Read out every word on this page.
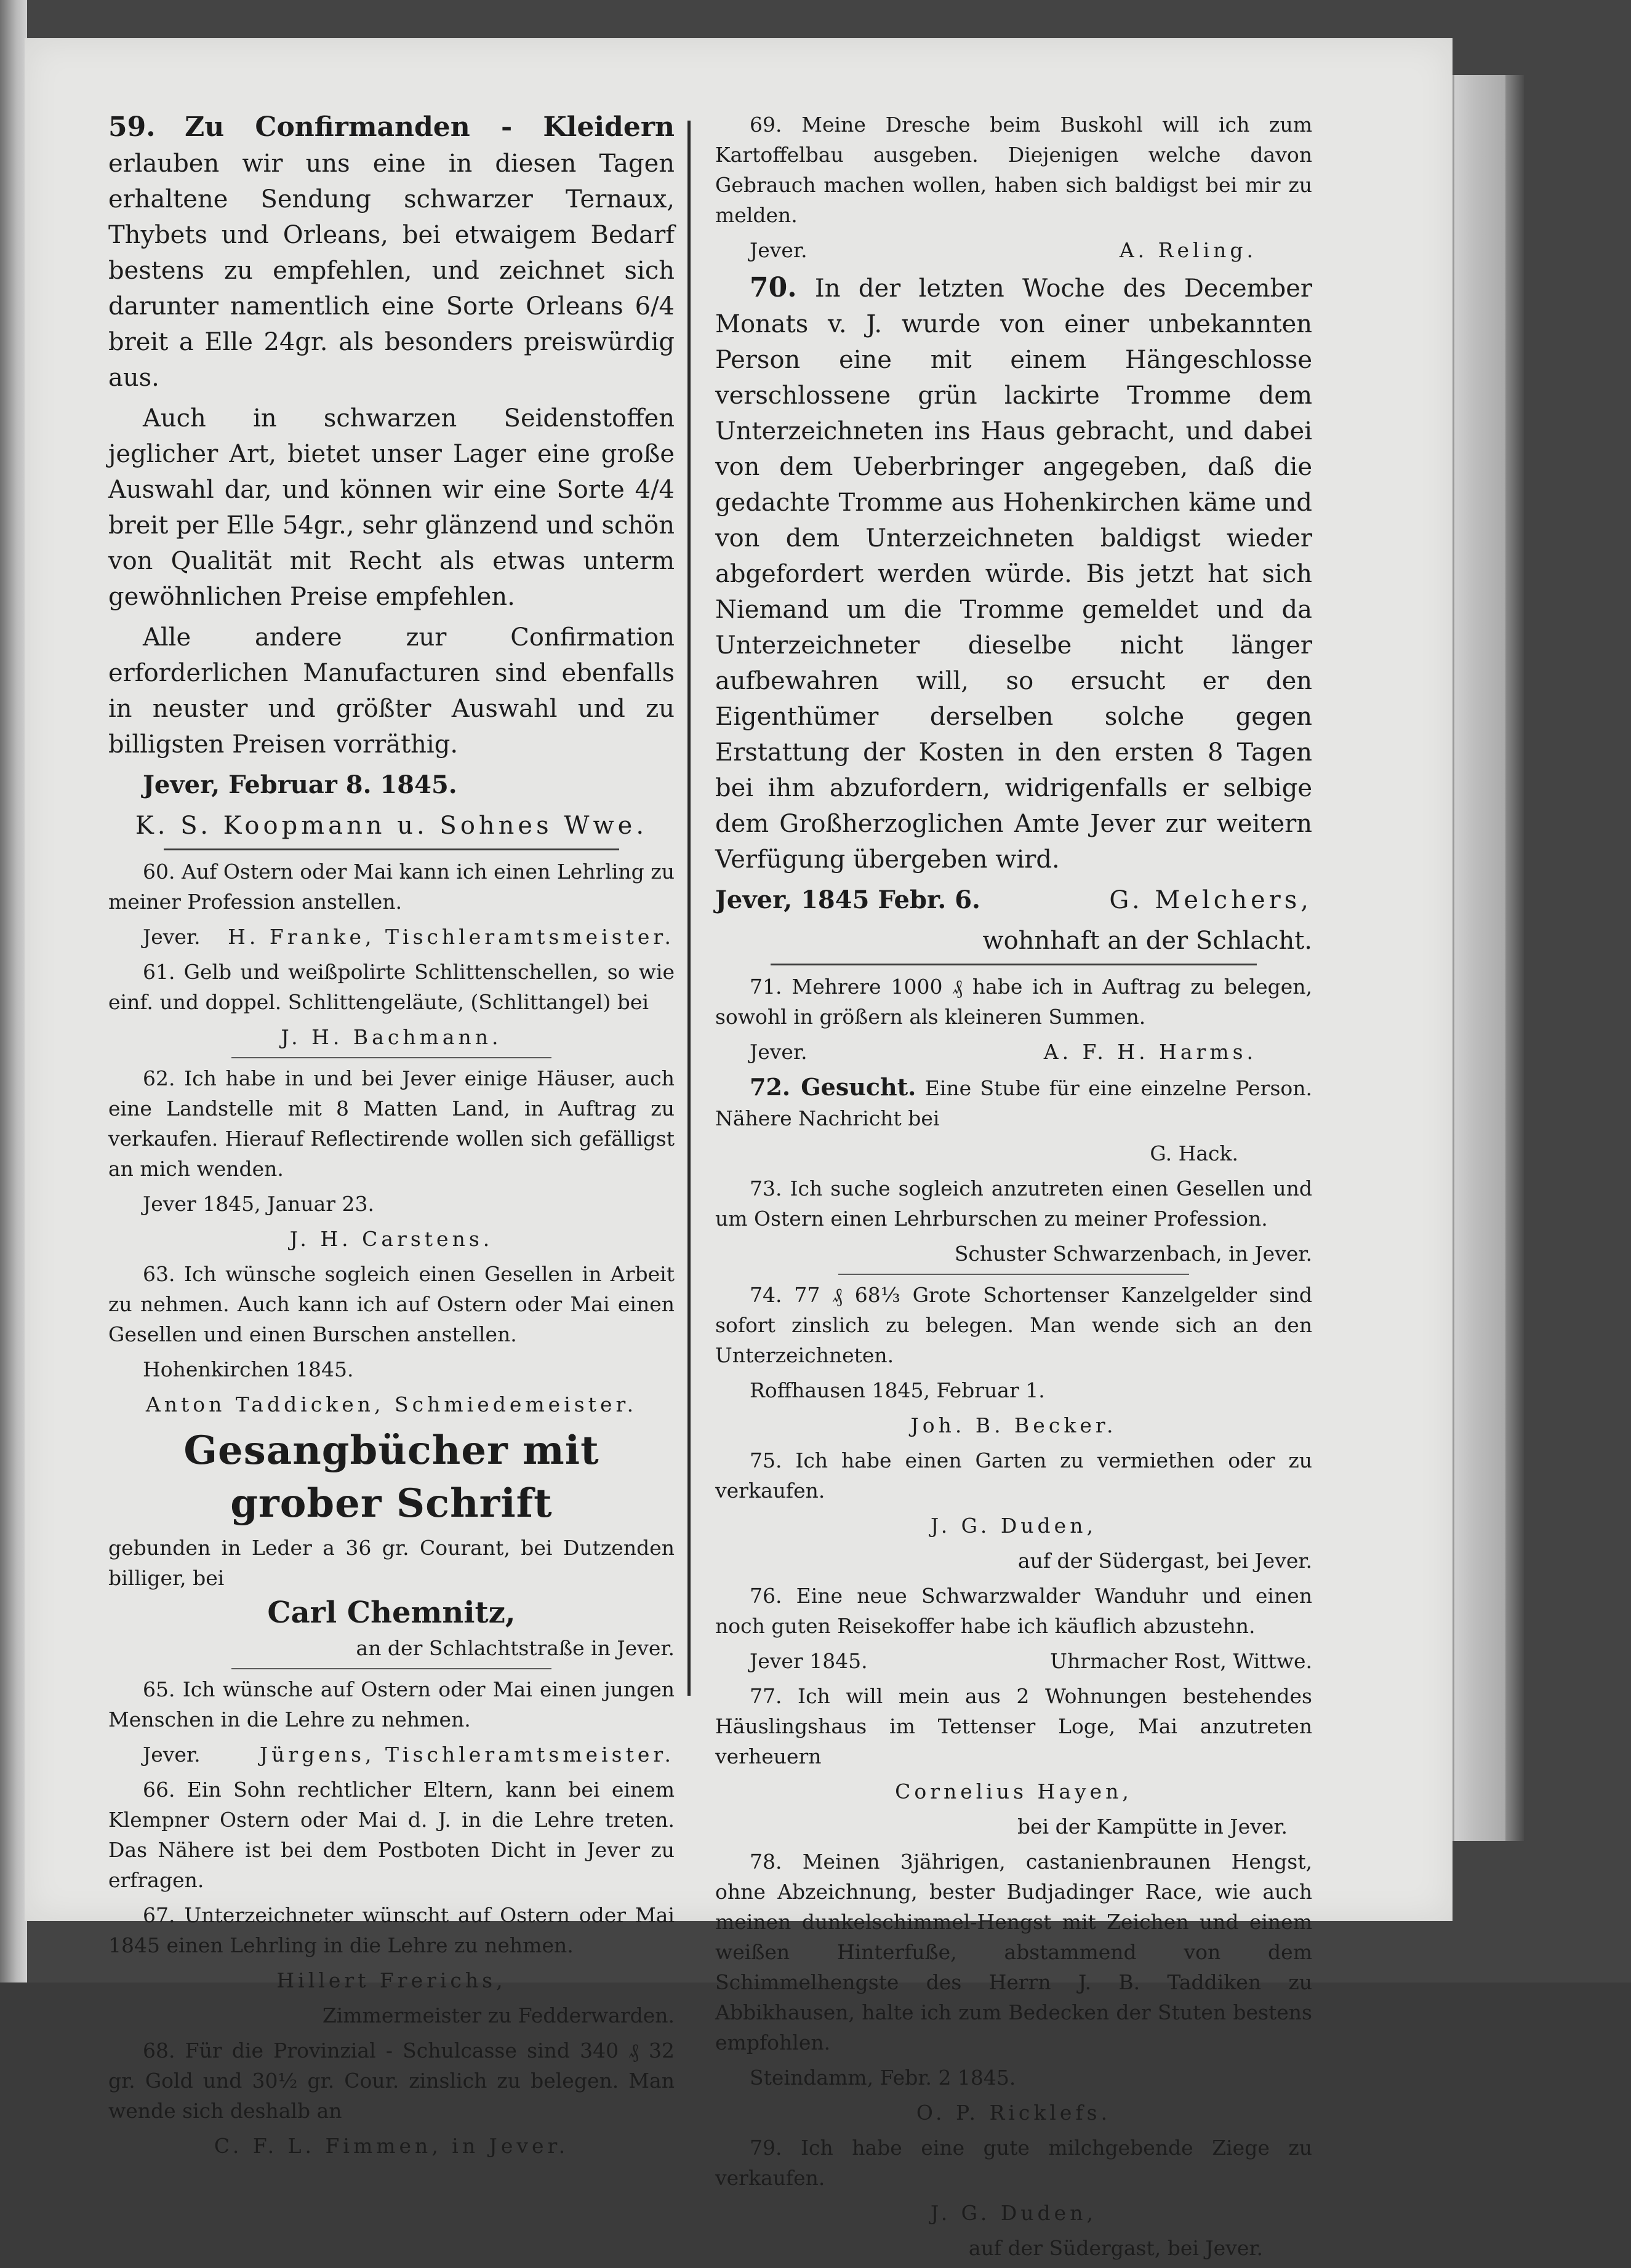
59. Zu Confirmanden - Kleidern erlauben wir uns eine in diesen Tagen erhaltene Sendung schwarzer Ternaux, Thybets und Orleans, bei etwaigem Bedarf bestens zu empfehlen, und zeichnet sich darunter namentlich eine Sorte Orleans 6/4 breit a Elle 24gr. als besonders preiswürdig aus.
Auch in schwarzen Seidenstoffen jeglicher Art, bietet unser Lager eine große Auswahl dar, und können wir eine Sorte 4/4 breit per Elle 54gr., sehr glänzend und schön von Qualität mit Recht als etwas unterm gewöhnlichen Preise empfehlen.
Alle andere zur Confirmation erforderlichen Manufacturen sind ebenfalls in neuster und größter Auswahl und zu billigsten Preisen vorräthig.
Jever, Februar 8. 1845.
K. S. Koopmann u. Sohnes Wwe.
60. Auf Ostern oder Mai kann ich einen Lehrling zu meiner Profession anstellen.
Jever. H. Franke, Tischleramtsmeister.
61. Gelb und weißpolirte Schlittenschellen, so wie einf. und doppel. Schlittengeläute, (Schlittangel) bei
J. H. Bachmann.
62. Ich habe in und bei Jever einige Häuser, auch eine Landstelle mit 8 Matten Land, in Auftrag zu verkaufen. Hierauf Reflectirende wollen sich gefälligst an mich wenden.
Jever 1845, Januar 23.
J. H. Carstens.
63. Ich wünsche sogleich einen Gesellen in Arbeit zu nehmen. Auch kann ich auf Ostern oder Mai einen Gesellen und einen Burschen anstellen.
Hohenkirchen 1845.
Anton Taddicken, Schmiedemeister.
Gesangbücher mit grober Schrift
gebunden in Leder a 36 gr. Courant, bei Dutzenden billiger, bei
Carl Chemnitz,
an der Schlachtstraße in Jever.
65. Ich wünsche auf Ostern oder Mai einen jungen Menschen in die Lehre zu nehmen.
Jever.	Jürgens, Tischleramtsmeister.
66. Ein Sohn rechtlicher Eltern, kann bei einem Klempner Ostern oder Mai d. J. in die Lehre treten. Das Nähere ist bei dem Postboten Dicht in Jever zu erfragen.
67. Unterzeichneter wünscht auf Ostern oder Mai 1845 einen Lehrling in die Lehre zu nehmen.
Hillert Frerichs,
Zimmermeister zu Fedderwarden.
68. Für die Provinzial - Schulcasse sind 340 ₰ 32 gr. Gold und 30½ gr. Cour. zinslich zu belegen. Man wende sich deshalb an
C. F. L. Fimmen, in Jever.
69. Meine Dresche beim Buskohl will ich zum Kartoffelbau ausgeben. Diejenigen welche davon Gebrauch machen wollen, haben sich baldigst bei mir zu melden.
Jever.	A. Reling.
70. In der letzten Woche des December Monats v. J. wurde von einer unbekannten Person eine mit einem Hängeschlosse verschlossene grün lackirte Tromme dem Unterzeichneten ins Haus gebracht, und dabei von dem Ueberbringer angegeben, daß die gedachte Tromme aus Hohenkirchen käme und von dem Unterzeichneten baldigst wieder abgefordert werden würde. Bis jetzt hat sich Niemand um die Tromme gemeldet und da Unterzeichneter dieselbe nicht länger aufbewahren will, so ersucht er den Eigenthümer derselben solche gegen Erstattung der Kosten in den ersten 8 Tagen bei ihm abzufordern, widrigenfalls er selbige dem Großherzoglichen Amte Jever zur weitern Verfügung übergeben wird.
Jever, 1845 Febr. 6.	G. Melchers,
wohnhaft an der Schlacht.
71. Mehrere 1000 ₰ habe ich in Auftrag zu belegen, sowohl in größern als kleineren Summen.
Jever.	A. F. H. Harms.
72. Gesucht. Eine Stube für eine einzelne Person. Nähere Nachricht bei
G. Hack.
73. Ich suche sogleich anzutreten einen Gesellen und um Ostern einen Lehrburschen zu meiner Profession.
Schuster Schwarzenbach, in Jever.
74. 77 ₰ 68⅓ Grote Schortenser Kanzelgelder sind sofort zinslich zu belegen. Man wende sich an den Unterzeichneten.
Roffhausen 1845, Februar 1.
Joh. B. Becker.
75. Ich habe einen Garten zu vermiethen oder zu verkaufen.
J. G. Duden,
auf der Südergast, bei Jever.
76. Eine neue Schwarzwalder Wanduhr und einen noch guten Reisekoffer habe ich käuflich abzustehn.
Jever 1845.	Uhrmacher Rost, Wittwe.
77. Ich will mein aus 2 Wohnungen bestehendes Häuslingshaus im Tettenser Loge, Mai anzutreten verheuern
Cornelius Hayen,
bei der Kampütte in Jever.
78. Meinen 3jährigen, castanienbraunen Hengst, ohne Abzeichnung, bester Budjadinger Race, wie auch meinen dunkelschimmel-Hengst mit Zeichen und einem weißen Hinterfuße, abstammend von dem Schimmelhengste des Herrn J. B. Taddiken zu Abbikhausen, halte ich zum Bedecken der Stuten bestens empfohlen.
Steindamm, Febr. 2 1845.
O. P. Ricklefs.
79. Ich habe eine gute milchgebende Ziege zu verkaufen.
J. G. Duden,
auf der Südergast, bei Jever.
